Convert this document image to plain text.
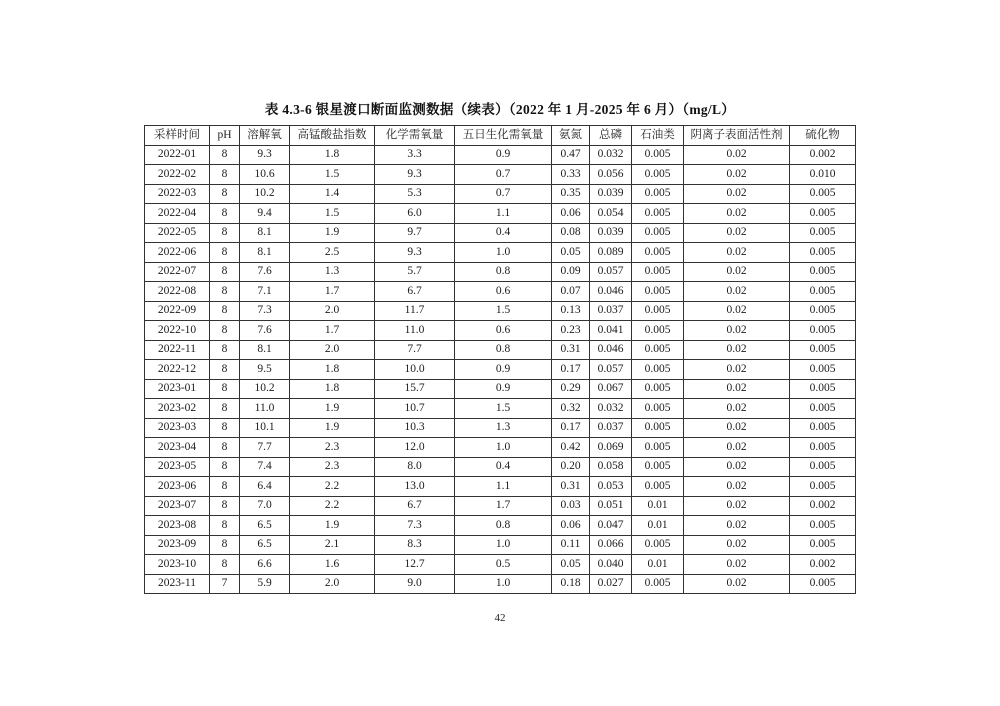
表 4.3-6 银星渡口断面监测数据（续表）（2022 年 1 月-2025 年 6 月）（mg/L）
采样时间	pH	溶解氧	高锰酸盐指数	化学需氧量	五日生化需氧量	氨氮	总磷	石油类	阴离子表面活性剂	硫化物
2022-01	8	9.3	1.8	3.3	0.9	0.47	0.032	0.005	0.02	0.002
2022-02	8	10.6	1.5	9.3	0.7	0.33	0.056	0.005	0.02	0.010
2022-03	8	10.2	1.4	5.3	0.7	0.35	0.039	0.005	0.02	0.005
2022-04	8	9.4	1.5	6.0	1.1	0.06	0.054	0.005	0.02	0.005
2022-05	8	8.1	1.9	9.7	0.4	0.08	0.039	0.005	0.02	0.005
2022-06	8	8.1	2.5	9.3	1.0	0.05	0.089	0.005	0.02	0.005
2022-07	8	7.6	1.3	5.7	0.8	0.09	0.057	0.005	0.02	0.005
2022-08	8	7.1	1.7	6.7	0.6	0.07	0.046	0.005	0.02	0.005
2022-09	8	7.3	2.0	11.7	1.5	0.13	0.037	0.005	0.02	0.005
2022-10	8	7.6	1.7	11.0	0.6	0.23	0.041	0.005	0.02	0.005
2022-11	8	8.1	2.0	7.7	0.8	0.31	0.046	0.005	0.02	0.005
2022-12	8	9.5	1.8	10.0	0.9	0.17	0.057	0.005	0.02	0.005
2023-01	8	10.2	1.8	15.7	0.9	0.29	0.067	0.005	0.02	0.005
2023-02	8	11.0	1.9	10.7	1.5	0.32	0.032	0.005	0.02	0.005
2023-03	8	10.1	1.9	10.3	1.3	0.17	0.037	0.005	0.02	0.005
2023-04	8	7.7	2.3	12.0	1.0	0.42	0.069	0.005	0.02	0.005
2023-05	8	7.4	2.3	8.0	0.4	0.20	0.058	0.005	0.02	0.005
2023-06	8	6.4	2.2	13.0	1.1	0.31	0.053	0.005	0.02	0.005
2023-07	8	7.0	2.2	6.7	1.7	0.03	0.051	0.01	0.02	0.002
2023-08	8	6.5	1.9	7.3	0.8	0.06	0.047	0.01	0.02	0.005
2023-09	8	6.5	2.1	8.3	1.0	0.11	0.066	0.005	0.02	0.005
2023-10	8	6.6	1.6	12.7	0.5	0.05	0.040	0.01	0.02	0.002
2023-11	7	5.9	2.0	9.0	1.0	0.18	0.027	0.005	0.02	0.005
42
